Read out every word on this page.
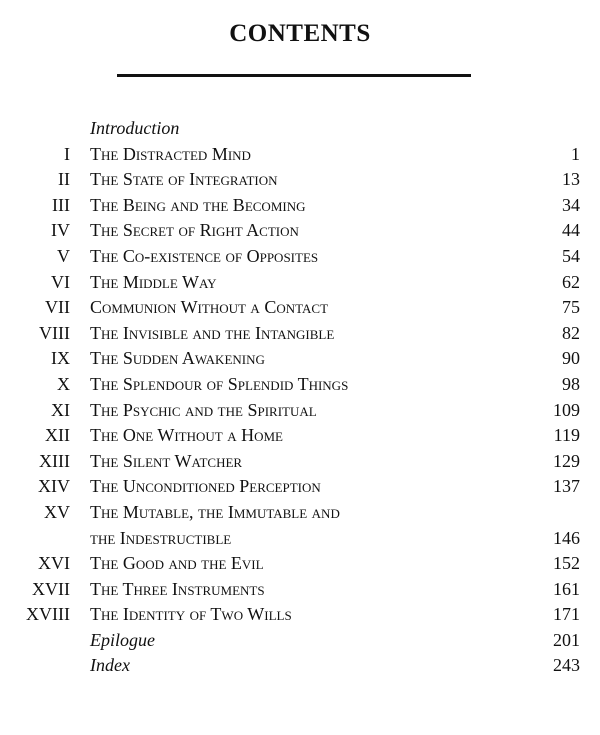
CONTENTS
Introduction
I The Distracted Mind	1
II The State of Integration	13
III The Being and the Becoming	34
IV The Secret of Right Action	44
V The Co-existence of Opposites	54
VI The Middle Way	62
VII Communion Without a Contact	75
VIII The Invisible and the Intangible	82
IX The Sudden Awakening	90
X The Splendour of Splendid Things	98
XI The Psychic and the Spiritual	109
XII The One Without a Home	119
XIII The Silent Watcher	129
XIV The Unconditioned Perception	137
XV The Mutable, the Immutable and
the Indestructible	146
XVI The Good and the Evil	152
XVII The Three Instruments	161
XVIII The Identity of Two Wills	171
Epilogue	201
Index	243
